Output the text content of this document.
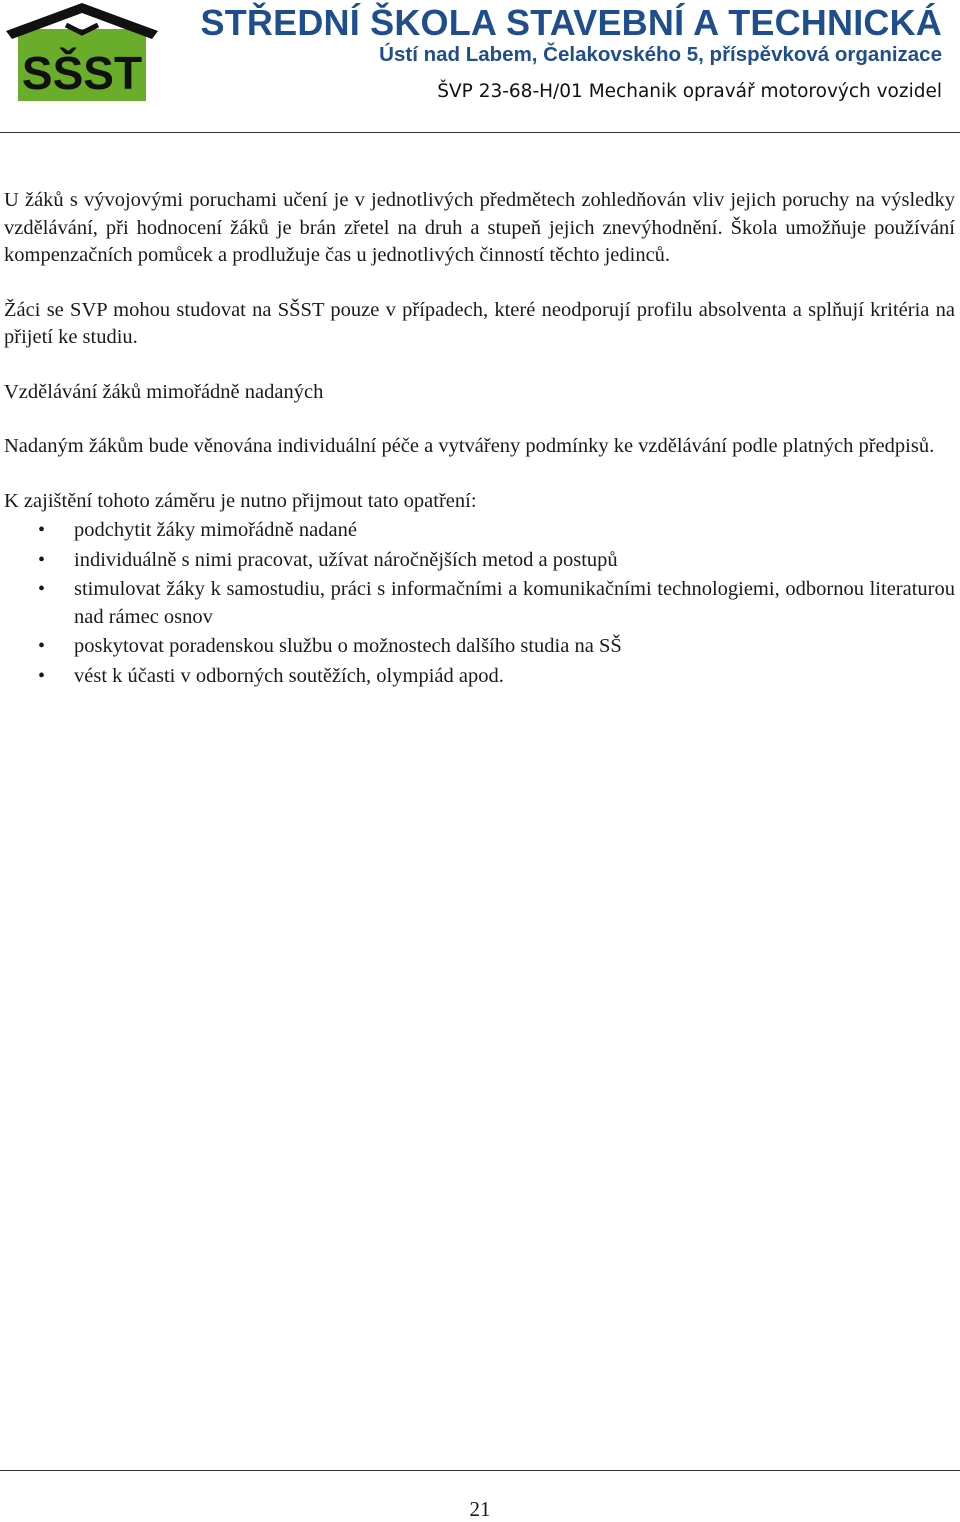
SŠST
STŘEDNÍ ŠKOLA STAVEBNÍ A TECHNICKÁ
Ústí nad Labem, Čelakovského 5, příspěvková organizace
ŠVP 23-68-H/01 Mechanik opravář motorových vozidel

U žáků s vývojovými poruchami učení je v jednotlivých předmětech zohledňován vliv jejich poruchy na výsledky vzdělávání, při hodnocení žáků je brán zřetel na druh a stupeň jejich znevýhodnění. Škola umožňuje používání kompenzačních pomůcek a prodlužuje čas u jednotlivých činností těchto jedinců.

Žáci se SVP mohou studovat na SŠST pouze v případech, které neodporují profilu absolventa a splňují kritéria na přijetí ke studiu.

Vzdělávání žáků mimořádně nadaných

Nadaným žákům bude věnována individuální péče a vytvářeny podmínky ke vzdělávání podle platných předpisů.

K zajištění tohoto záměru je nutno přijmout tato opatření:

• podchytit žáky mimořádně nadané
• individuálně s nimi pracovat, užívat náročnějších metod a postupů
• stimulovat žáky k samostudiu, práci s informačními a komunikačními technologiemi, odbornou literaturou nad rámec osnov
• poskytovat poradenskou službu o možnostech dalšího studia na SŠ
• vést k účasti v odborných soutěžích, olympiád apod.
21
